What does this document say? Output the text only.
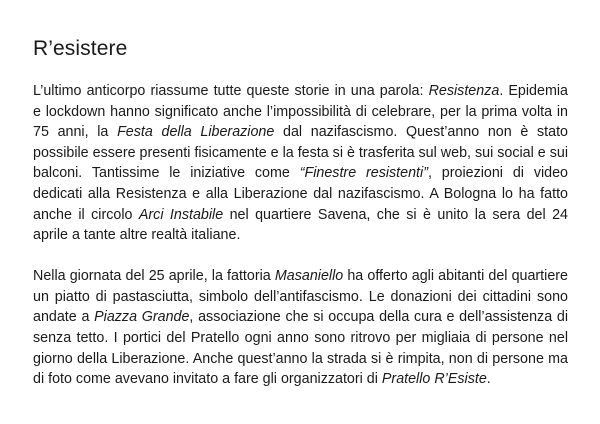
R’esistere

L’ultimo anticorpo riassume tutte queste storie in una parola: Resistenza. Epidemia e lockdown hanno significato anche l’impossibilità di celebrare, per la prima volta in 75 anni, la Festa della Liberazione dal nazifascismo. Quest’anno non è stato possibile essere presenti fisicamente e la festa si è trasferita sul web, sui social e sui balconi. Tantissime le iniziative come “Finestre resistenti”, proiezioni di video dedicati alla Resistenza e alla Liberazione dal nazifascismo. A Bologna lo ha fatto anche il circolo Arci Instabile nel quartiere Savena, che si è unito la sera del 24 aprile a tante altre realtà italiane.

Nella giornata del 25 aprile, la fattoria Masaniello ha offerto agli abitanti del quartiere un piatto di pastasciutta, simbolo dell’antifascismo. Le donazioni dei cittadini sono andate a Piazza Grande, associazione che si occupa della cura e dell’assistenza di senza tetto. I portici del Pratello ogni anno sono ritrovo per migliaia di persone nel giorno della Liberazione. Anche quest’anno la strada si è rimpita, non di persone ma di foto come avevano invitato a fare gli organizzatori di Pratello R’Esiste.
